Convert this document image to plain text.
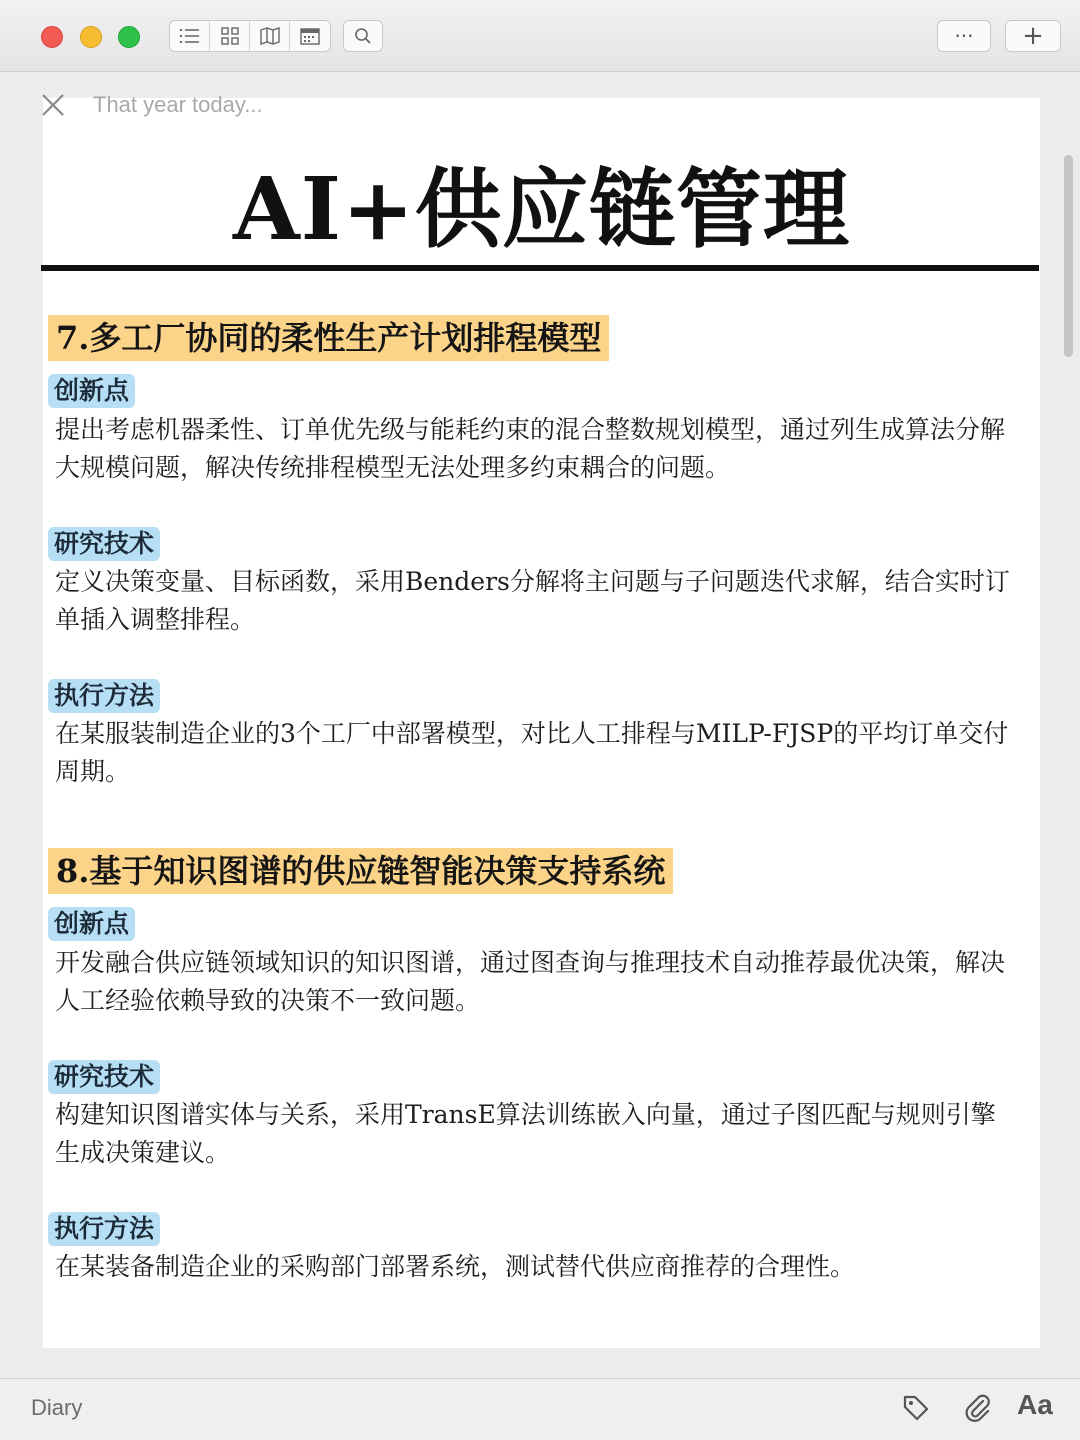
··· +
That year today...
AI+供应链管理
7.多工厂协同的柔性生产计划排程模型
创新点
提出考虑机器柔性、订单优先级与能耗约束的混合整数规划模型，通过列生成算法分解大规模问题，解决传统排程模型无法处理多约束耦合的问题。
研究技术
定义决策变量、目标函数，采用Benders分解将主问题与子问题迭代求解，结合实时订单插入调整排程。
执行方法
在某服装制造企业的3个工厂中部署模型，对比人工排程与MILP-FJSP的平均订单交付周期。
8.基于知识图谱的供应链智能决策支持系统
创新点
开发融合供应链领域知识的知识图谱，通过图查询与推理技术自动推荐最优决策，解决人工经验依赖导致的决策不一致问题。
研究技术
构建知识图谱实体与关系，采用TransE算法训练嵌入向量，通过子图匹配与规则引擎生成决策建议。
执行方法
在某装备制造企业的采购部门部署系统，测试替代供应商推荐的合理性。
Diary	Aa
